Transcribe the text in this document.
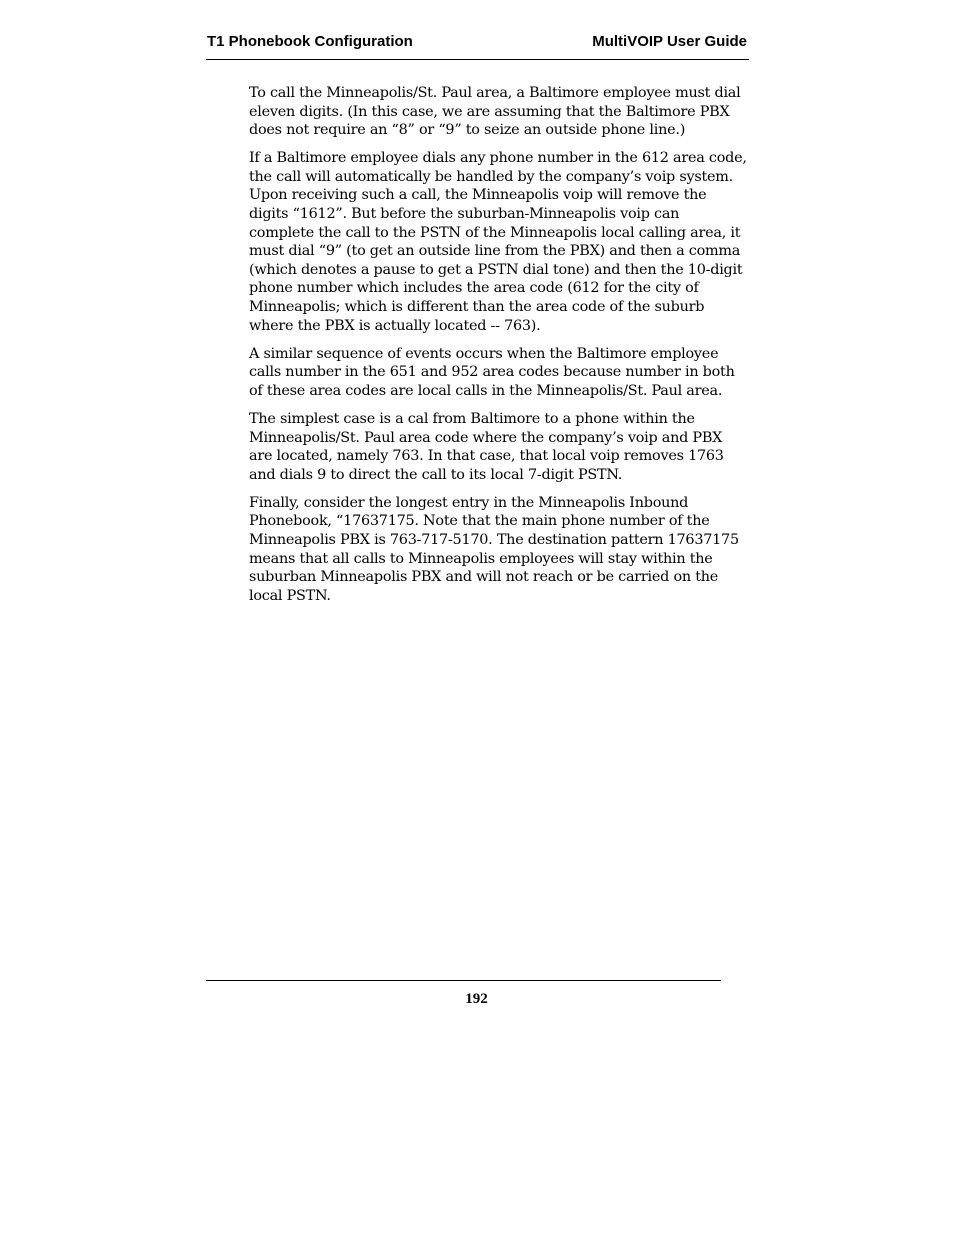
T1 Phonebook Configuration	MultiVOIP User Guide

To call the Minneapolis/St. Paul area, a Baltimore employee must dial eleven digits. (In this case, we are assuming that the Baltimore PBX does not require an “8” or “9” to seize an outside phone line.)

If a Baltimore employee dials any phone number in the 612 area code, the call will automatically be handled by the company’s voip system. Upon receiving such a call, the Minneapolis voip will remove the digits “1612”. But before the suburban-Minneapolis voip can complete the call to the PSTN of the Minneapolis local calling area, it must dial “9” (to get an outside line from the PBX) and then a comma (which denotes a pause to get a PSTN dial tone) and then the 10-digit phone number which includes the area code (612 for the city of Minneapolis; which is different than the area code of the suburb where the PBX is actually located -- 763).

A similar sequence of events occurs when the Baltimore employee calls number in the 651 and 952 area codes because number in both of these area codes are local calls in the Minneapolis/St. Paul area.

The simplest case is a cal from Baltimore to a phone within the Minneapolis/St. Paul area code where the company’s voip and PBX are located, namely 763. In that case, that local voip removes 1763 and dials 9 to direct the call to its local 7-digit PSTN.

Finally, consider the longest entry in the Minneapolis Inbound Phonebook, “17637175. Note that the main phone number of the Minneapolis PBX is 763-717-5170. The destination pattern 17637175 means that all calls to Minneapolis employees will stay within the suburban Minneapolis PBX and will not reach or be carried on the local PSTN.

192
